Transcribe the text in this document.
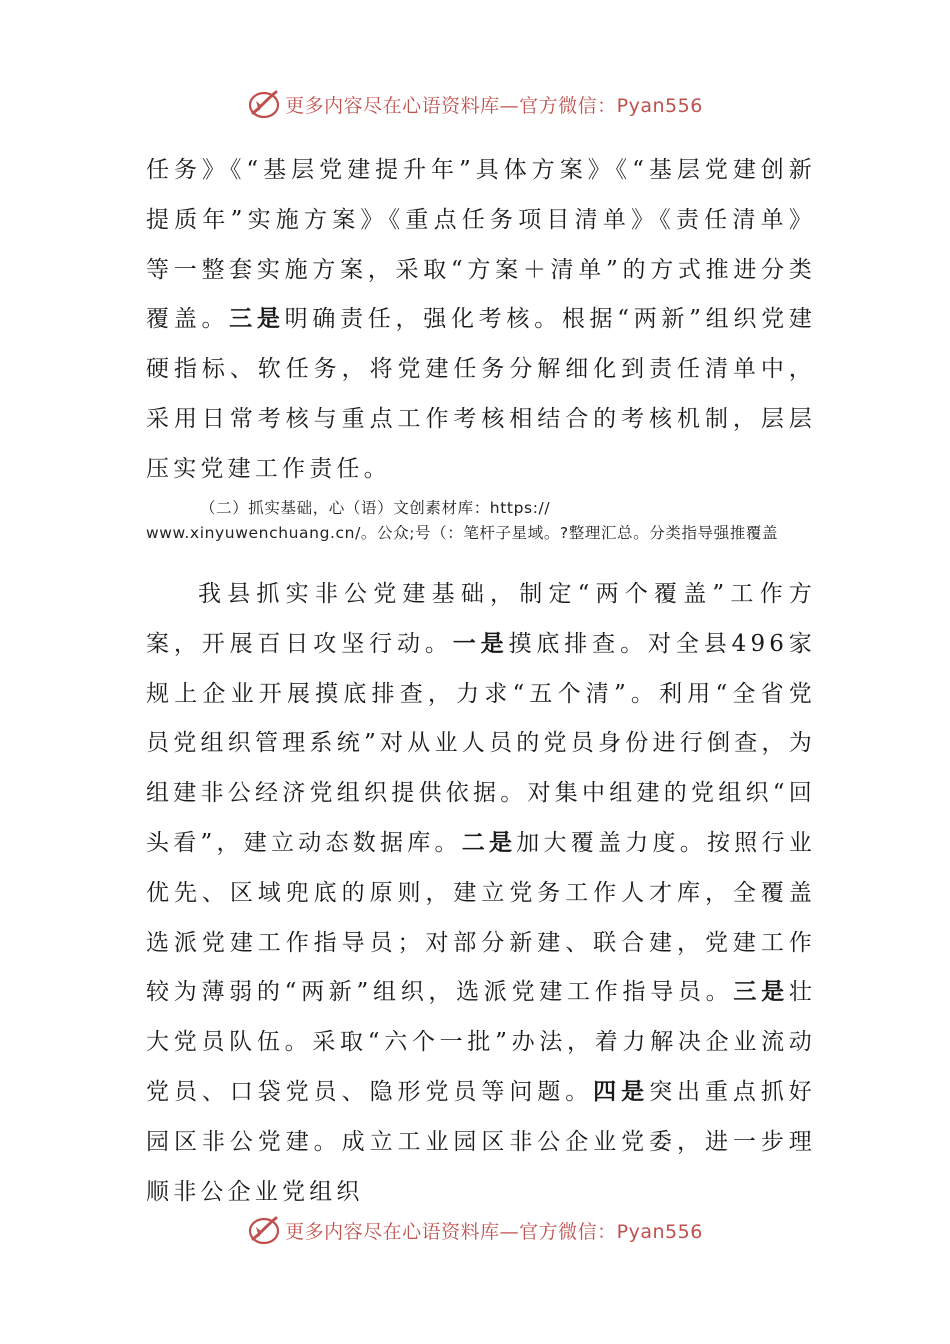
更多内容尽在心语资料库—官方微信：Pyan556

任务》《“基层党建提升年”具体方案》《“基层党建创新提质年”实施方案》《重点任务项目清单》《责任清单》等一整套实施方案，采取“方案＋清单”的方式推进分类覆盖。三是明确责任，强化考核。根据“两新”组织党建硬指标、软任务，将党建任务分解细化到责任清单中，采用日常考核与重点工作考核相结合的考核机制，层层压实党建工作责任。

（二）抓实基础，心（语）文创素材库：https://
www.xinyuwenchuang.cn/。公众;号（：笔杆子星域。?整理汇总。分类指导强推覆盖

我县抓实非公党建基础，制定“两个覆盖”工作方案，开展百日攻坚行动。一是摸底排查。对全县496家规上企业开展摸底排查，力求“五个清”。利用“全省党员党组织管理系统”对从业人员的党员身份进行倒查，为组建非公经济党组织提供依据。对集中组建的党组织“回头看”，建立动态数据库。二是加大覆盖力度。按照行业优先、区域兜底的原则，建立党务工作人才库，全覆盖选派党建工作指导员；对部分新建、联合建，党建工作较为薄弱的“两新”组织，选派党建工作指导员。三是壮大党员队伍。采取“六个一批”办法，着力解决企业流动党员、口袋党员、隐形党员等问题。四是突出重点抓好园区非公党建。成立工业园区非公企业党委，进一步理顺非公企业党组织

更多内容尽在心语资料库—官方微信：Pyan556
